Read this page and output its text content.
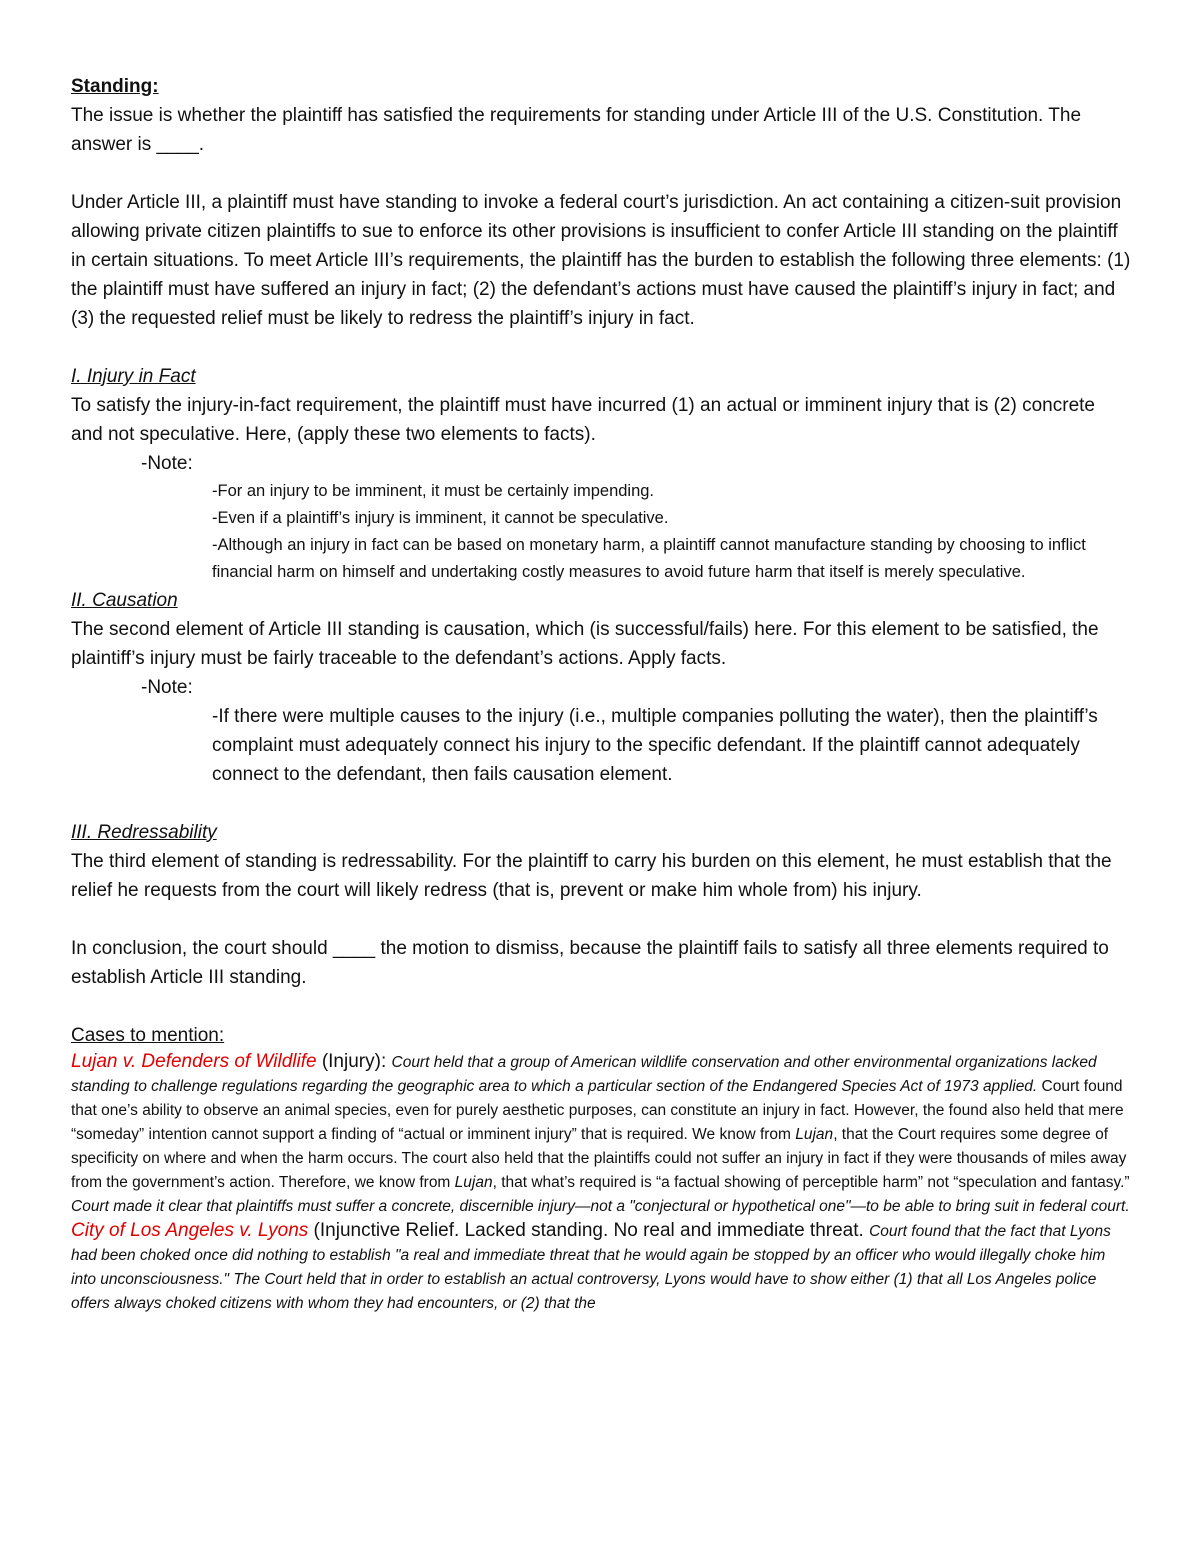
Standing:

The issue is whether the plaintiff has satisfied the requirements for standing under Article III of the U.S. Constitution. The answer is ____.

Under Article III, a plaintiff must have standing to invoke a federal court’s jurisdiction. An act containing a citizen-suit provision allowing private citizen plaintiffs to sue to enforce its other provisions is insufficient to confer Article III standing on the plaintiff in certain situations. To meet Article III’s requirements, the plaintiff has the burden to establish the following three elements: (1) the plaintiff must have suffered an injury in fact; (2) the defendant’s actions must have caused the plaintiff’s injury in fact; and (3) the requested relief must be likely to redress the plaintiff’s injury in fact.

I. Injury in Fact

To satisfy the injury-in-fact requirement, the plaintiff must have incurred (1) an actual or imminent injury that is (2) concrete and not speculative. Here, (apply these two elements to facts).

-Note:

-For an injury to be imminent, it must be certainly impending.

-Even if a plaintiff’s injury is imminent, it cannot be speculative.

-Although an injury in fact can be based on monetary harm, a plaintiff cannot manufacture standing by choosing to inflict financial harm on himself and undertaking costly measures to avoid future harm that itself is merely speculative.

II. Causation

The second element of Article III standing is causation, which (is successful/fails) here. For this element to be satisfied, the plaintiff’s injury must be fairly traceable to the defendant’s actions. Apply facts.

-Note:

-If there were multiple causes to the injury (i.e., multiple companies polluting the water), then the plaintiff’s complaint must adequately connect his injury to the specific defendant. If the plaintiff cannot adequately connect to the defendant, then fails causation element.

III. Redressability

The third element of standing is redressability. For the plaintiff to carry his burden on this element, he must establish that the relief he requests from the court will likely redress (that is, prevent or make him whole from) his injury.

In conclusion, the court should ____ the motion to dismiss, because the plaintiff fails to satisfy all three elements required to establish Article III standing.

Cases to mention:

Lujan v. Defenders of Wildlife (Injury): Court held that a group of American wildlife conservation and other environmental organizations lacked standing to challenge regulations regarding the geographic area to which a particular section of the Endangered Species Act of 1973 applied. Court found that one’s ability to observe an animal species, even for purely aesthetic purposes, can constitute an injury in fact. However, the found also held that mere “someday” intention cannot support a finding of “actual or imminent injury” that is required. We know from Lujan, that the Court requires some degree of specificity on where and when the harm occurs. The court also held that the plaintiffs could not suffer an injury in fact if they were thousands of miles away from the government’s action. Therefore, we know from Lujan, that what’s required is “a factual showing of perceptible harm” not “speculation and fantasy.” Court made it clear that plaintiffs must suffer a concrete, discernible injury—not a "conjectural or hypothetical one"—to be able to bring suit in federal court.

City of Los Angeles v. Lyons (Injunctive Relief. Lacked standing. No real and immediate threat. Court found that the fact that Lyons had been choked once did nothing to establish "a real and immediate threat that he would again be stopped by an officer who would illegally choke him into unconsciousness." The Court held that in order to establish an actual controversy, Lyons would have to show either (1) that all Los Angeles police offers always choked citizens with whom they had encounters, or (2) that the
